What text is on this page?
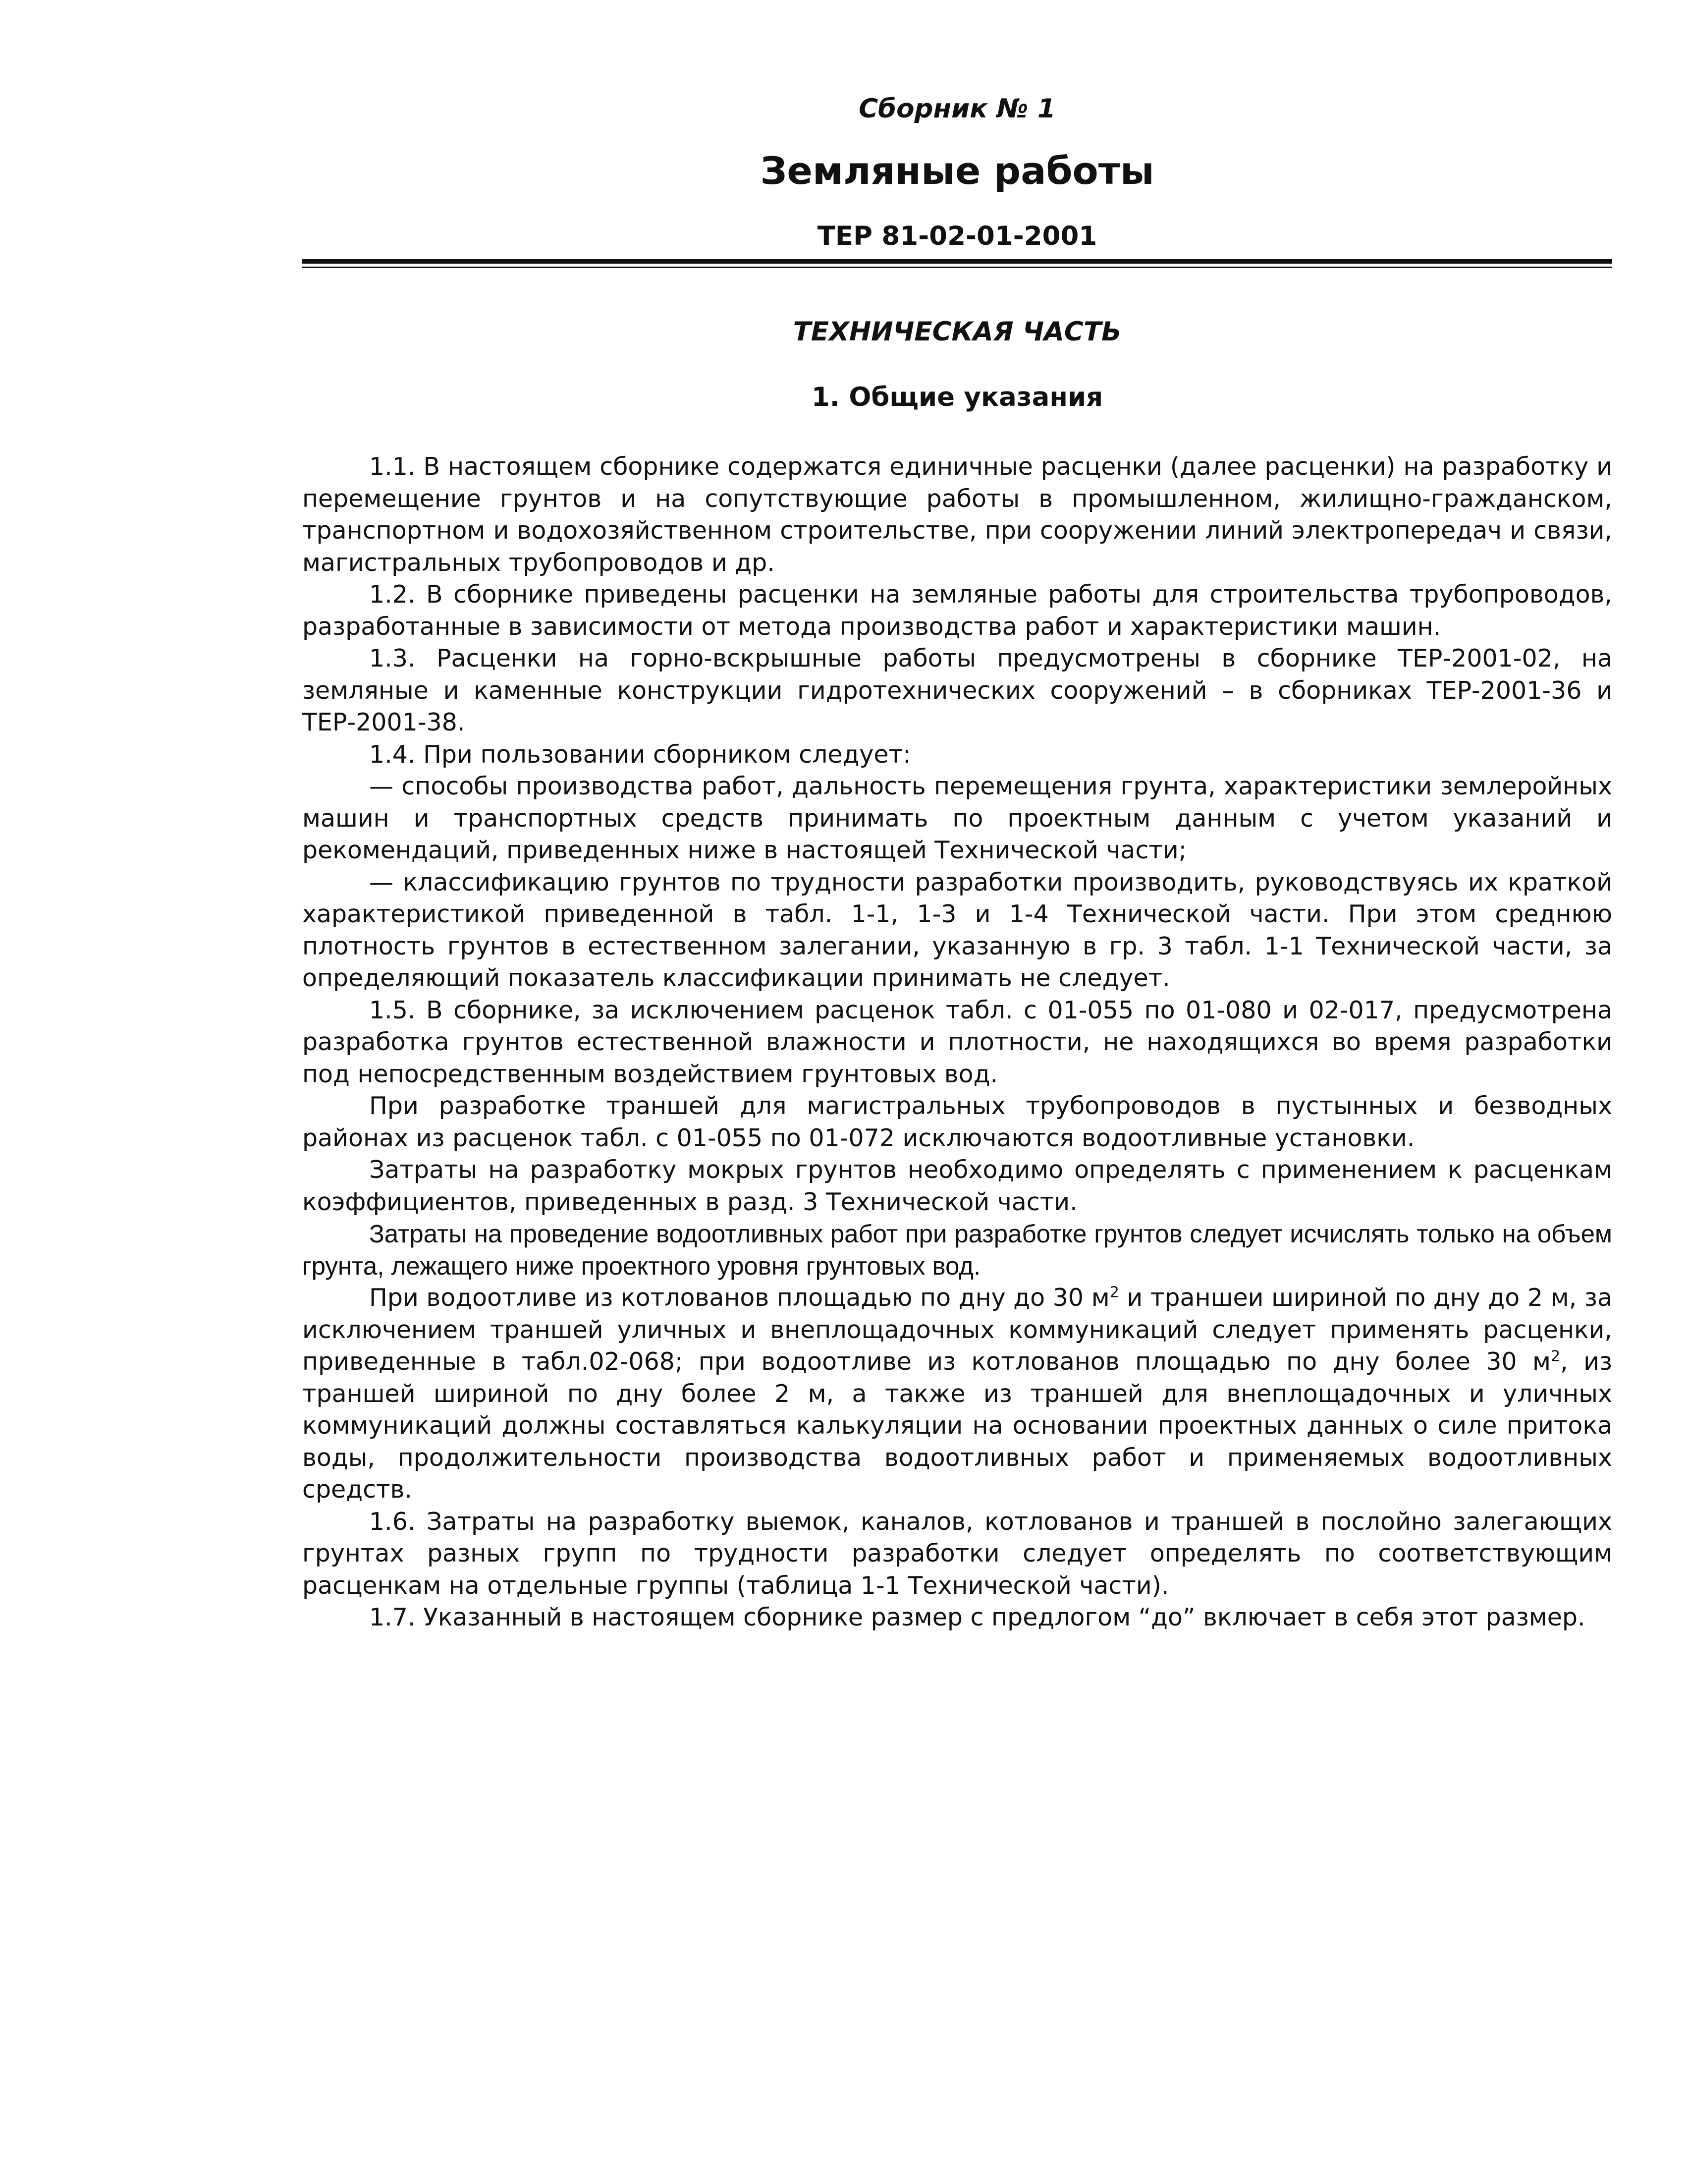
Сборник № 1
Земляные работы
ТЕР 81-02-01-2001
ТЕХНИЧЕСКАЯ ЧАСТЬ
1. Общие указания

1.1. В настоящем сборнике содержатся единичные расценки (далее расценки) на разработку и перемещение грунтов и на сопутствующие работы в промышленном, жилищно-гражданском, транспортном и водохозяйственном строительстве, при сооружении линий электропередач и связи, магистральных трубопроводов и др.

1.2. В сборнике приведены расценки на земляные работы для строительства трубопроводов, разработанные в зависимости от метода производства работ и характеристики машин.

1.3. Расценки на горно-вскрышные работы предусмотрены в сборнике ТЕР-2001-02, на земляные и каменные конструкции гидротехнических сооружений – в сборниках ТЕР-2001-36 и ТЕР-2001-38.

1.4. При пользовании сборником следует:

— способы производства работ, дальность перемещения грунта, характеристики землеройных машин и транспортных средств принимать по проектным данным с учетом указаний и рекомендаций, приведенных ниже в настоящей Технической части;

— классификацию грунтов по трудности разработки производить, руководствуясь их краткой характеристикой приведенной в табл. 1-1, 1-3 и 1-4 Технической части. При этом среднюю плотность грунтов в естественном залегании, указанную в гр. 3 табл. 1-1 Технической части, за определяющий показатель классификации принимать не следует.

1.5. В сборнике, за исключением расценок табл. с 01-055 по 01-080 и 02-017, предусмотрена разработка грунтов естественной влажности и плотности, не находящихся во время разработки под непосредственным воздействием грунтовых вод.

При разработке траншей для магистральных трубопроводов в пустынных и безводных районах из расценок табл. с 01-055 по 01-072 исключаются водоотливные установки.

Затраты на разработку мокрых грунтов необходимо определять с применением к расценкам коэффициентов, приведенных в разд. 3 Технической части.

Затраты на проведение водоотливных работ при разработке грунтов следует исчислять только на объем грунта, лежащего ниже проектного уровня грунтовых вод.

При водоотливе из котлованов площадью по дну до 30 $м^2$ и траншеи шириной по дну до 2 м, за исключением траншей уличных и внеплощадочных коммуникаций следует применять расценки, приведенные в табл.02-068; при водоотливе из котлованов площадью по дну более 30 $м^2$, из траншей шириной по дну более 2 м, а также из траншей для внеплощадочных и уличных коммуникаций должны составляться калькуляции на основании проектных данных о силе притока воды, продолжительности производства водоотливных работ и применяемых водоотливных средств.

1.6. Затраты на разработку выемок, каналов, котлованов и траншей в послойно залегающих грунтах разных групп по трудности разработки следует определять по соответствующим расценкам на отдельные группы (таблица 1-1 Технической части).

1.7. Указанный в настоящем сборнике размер с предлогом “до” включает в себя этот размер.
